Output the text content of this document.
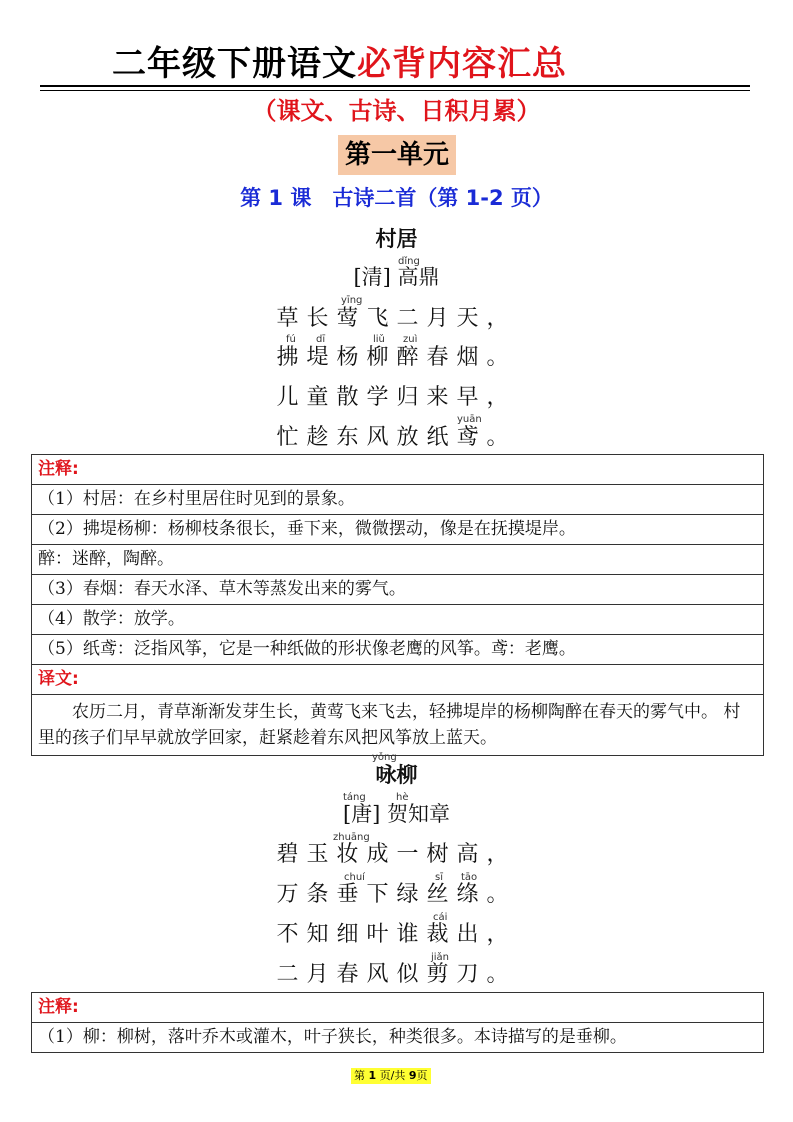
二年级下册语文必背内容汇总
（课文、古诗、日积月累）
第一单元
第 1 课　古诗二首（第 1-2 页）
村居
dǐng
[清] 高鼎
yīng
草长莺飞二月天，
fú dī	liǔ zuì
拂堤杨柳醉春烟。
儿童散学归来早，
yuān
忙趁东风放纸鸢。
注释:
（1）村居：在乡村里居住时见到的景象。
（2）拂堤杨柳：杨柳枝条很长，垂下来，微微摆动，像是在抚摸堤岸。
醉：迷醉，陶醉。
（3）春烟：春天水泽、草木等蒸发出来的雾气。
（4）散学：放学。
（5）纸鸢：泛指风筝，它是一种纸做的形状像老鹰的风筝。鸢：老鹰。
译文:
农历二月，青草渐渐发芽生长，黄莺飞来飞去，轻拂堤岸的杨柳陶醉在春天的雾气中。 村里的孩子们早早就放学回家，赶紧趁着东风把风筝放上蓝天。
yǒng
咏柳
táng	hè
[唐] 贺知章
zhuāng
碧玉妆成一树高，
chuí	sī tāo
万条垂下绿丝绦。
cái
不知细叶谁裁出，
jiǎn
二月春风似剪刀。
注释:
（1）柳：柳树，落叶乔木或灌木，叶子狭长，种类很多。本诗描写的是垂柳。
第 1 页/共 9页
